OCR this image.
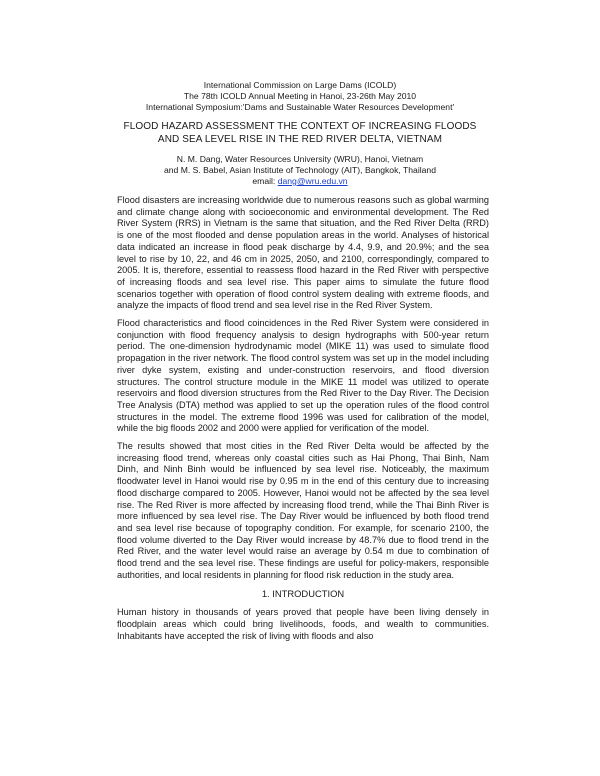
International Commission on Large Dams (ICOLD)
The 78th ICOLD Annual Meeting in Hanoi, 23-26th May 2010
International Symposium:'Dams and Sustainable Water Resources Development'
FLOOD HAZARD ASSESSMENT THE CONTEXT OF INCREASING FLOODS
AND SEA LEVEL RISE IN THE RED RIVER DELTA, VIETNAM
N. M. Dang, Water Resources University (WRU), Hanoi, Vietnam
and M. S. Babel, Asian Institute of Technology (AIT), Bangkok, Thailand
email: dang@wru.edu.vn

Flood disasters are increasing worldwide due to numerous reasons such as global warming and climate change along with socioeconomic and environmental development. The Red River System (RRS) in Vietnam is the same that situation, and the Red River Delta (RRD) is one of the most flooded and dense population areas in the world. Analyses of historical data indicated an increase in flood peak discharge by 4.4, 9.9, and 20.9%; and the sea level to rise by 10, 22, and 46 cm in 2025, 2050, and 2100, correspondingly, compared to 2005. It is, therefore, essential to reassess flood hazard in the Red River with perspective of increasing floods and sea level rise. This paper aims to simulate the future flood scenarios together with operation of flood control system dealing with extreme floods, and analyze the impacts of flood trend and sea level rise in the Red River System.

Flood characteristics and flood coincidences in the Red River System were considered in conjunction with flood frequency analysis to design hydrographs with 500-year return period. The one-dimension hydrodynamic model (MIKE 11) was used to simulate flood propagation in the river network. The flood control system was set up in the model including river dyke system, existing and under-construction reservoirs, and flood diversion structures. The control structure module in the MIKE 11 model was utilized to operate reservoirs and flood diversion structures from the Red River to the Day River. The Decision Tree Analysis (DTA) method was applied to set up the operation rules of the flood control structures in the model. The extreme flood 1996 was used for calibration of the model, while the big floods 2002 and 2000 were applied for verification of the model.

The results showed that most cities in the Red River Delta would be affected by the increasing flood trend, whereas only coastal cities such as Hai Phong, Thai Binh, Nam Dinh, and Ninh Binh would be influenced by sea level rise. Noticeably, the maximum floodwater level in Hanoi would rise by 0.95 m in the end of this century due to increasing flood discharge compared to 2005. However, Hanoi would not be affected by the sea level rise. The Red River is more affected by increasing flood trend, while the Thai Binh River is more influenced by sea level rise. The Day River would be influenced by both flood trend and sea level rise because of topography condition. For example, for scenario 2100, the flood volume diverted to the Day River would increase by 48.7% due to flood trend in the Red River, and the water level would raise an average by 0.54 m due to combination of flood trend and the sea level rise. These findings are useful for policy-makers, responsible authorities, and local residents in planning for flood risk reduction in the study area.

1. INTRODUCTION

Human history in thousands of years proved that people have been living densely in floodplain areas which could bring livelihoods, foods, and wealth to communities. Inhabitants have accepted the risk of living with floods and also
